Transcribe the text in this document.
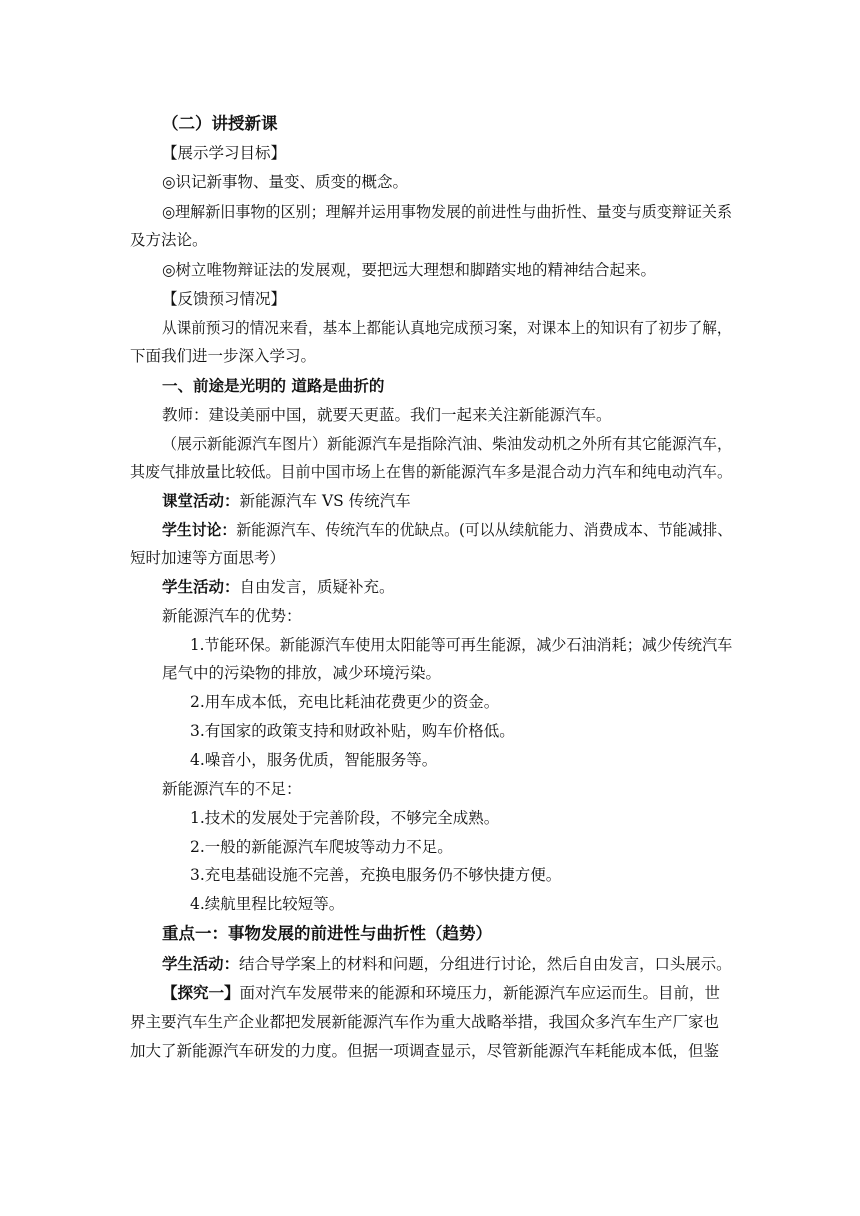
（二）讲授新课
【展示学习目标】
◎识记新事物、量变、质变的概念。
◎理解新旧事物的区别；理解并运用事物发展的前进性与曲折性、量变与质变辩证关系
及方法论。
◎树立唯物辩证法的发展观，要把远大理想和脚踏实地的精神结合起来。
【反馈预习情况】
从课前预习的情况来看，基本上都能认真地完成预习案，对课本上的知识有了初步了解，
下面我们进一步深入学习。
一、前途是光明的 道路是曲折的
教师：建设美丽中国，就要天更蓝。我们一起来关注新能源汽车。
（展示新能源汽车图片）新能源汽车是指除汽油、柴油发动机之外所有其它能源汽车，
其废气排放量比较低。目前中国市场上在售的新能源汽车多是混合动力汽车和纯电动汽车。
课堂活动：新能源汽车 VS 传统汽车
学生讨论：新能源汽车、传统汽车的优缺点。(可以从续航能力、消费成本、节能减排、
短时加速等方面思考）
学生活动：自由发言，质疑补充。
新能源汽车的优势：
1.节能环保。新能源汽车使用太阳能等可再生能源，减少石油消耗；减少传统汽车
尾气中的污染物的排放，减少环境污染。
2.用车成本低，充电比耗油花费更少的资金。
3.有国家的政策支持和财政补贴，购车价格低。
4.噪音小，服务优质，智能服务等。
新能源汽车的不足：
1.技术的发展处于完善阶段，不够完全成熟。
2.一般的新能源汽车爬坡等动力不足。
3.充电基础设施不完善，充换电服务仍不够快捷方便。
4.续航里程比较短等。
重点一：事物发展的前进性与曲折性（趋势）
学生活动：结合导学案上的材料和问题，分组进行讨论，然后自由发言，口头展示。
【探究一】面对汽车发展带来的能源和环境压力，新能源汽车应运而生。目前，世
界主要汽车生产企业都把发展新能源汽车作为重大战略举措，我国众多汽车生产厂家也
加大了新能源汽车研发的力度。但据一项调查显示，尽管新能源汽车耗能成本低，但鉴
